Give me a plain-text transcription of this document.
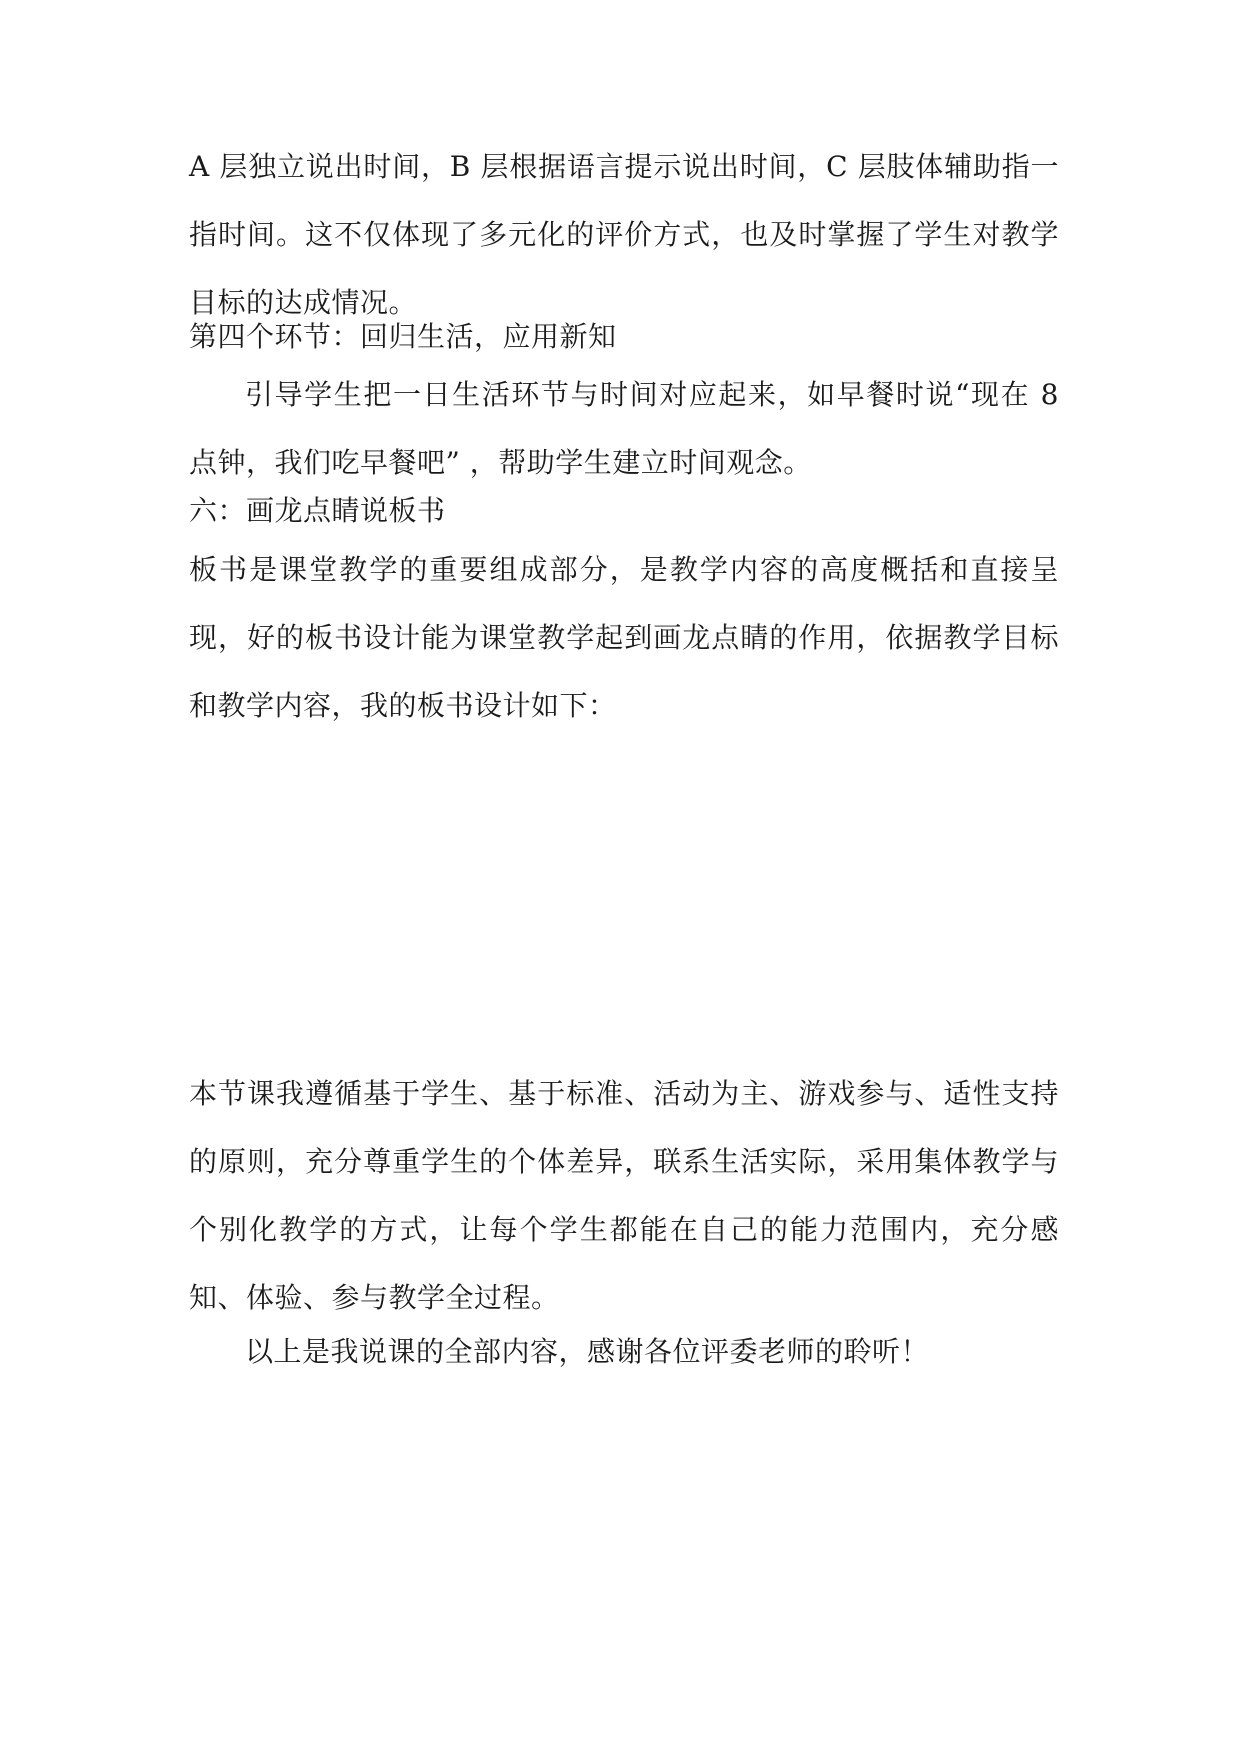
A 层独立说出时间，B 层根据语言提示说出时间，C 层肢体辅助指一指时间。这不仅体现了多元化的评价方式，也及时掌握了学生对教学目标的达成情况。

第四个环节：回归生活，应用新知

引导学生把一日生活环节与时间对应起来，如早餐时说“现在 8 点钟，我们吃早餐吧” ，帮助学生建立时间观念。

六：画龙点睛说板书

板书是课堂教学的重要组成部分，是教学内容的高度概括和直接呈现，好的板书设计能为课堂教学起到画龙点睛的作用，依据教学目标和教学内容，我的板书设计如下：

本节课我遵循基于学生、基于标准、活动为主、游戏参与、适性支持的原则，充分尊重学生的个体差异，联系生活实际，采用集体教学与个别化教学的方式，让每个学生都能在自己的能力范围内，充分感知、体验、参与教学全过程。

以上是我说课的全部内容，感谢各位评委老师的聆听！
